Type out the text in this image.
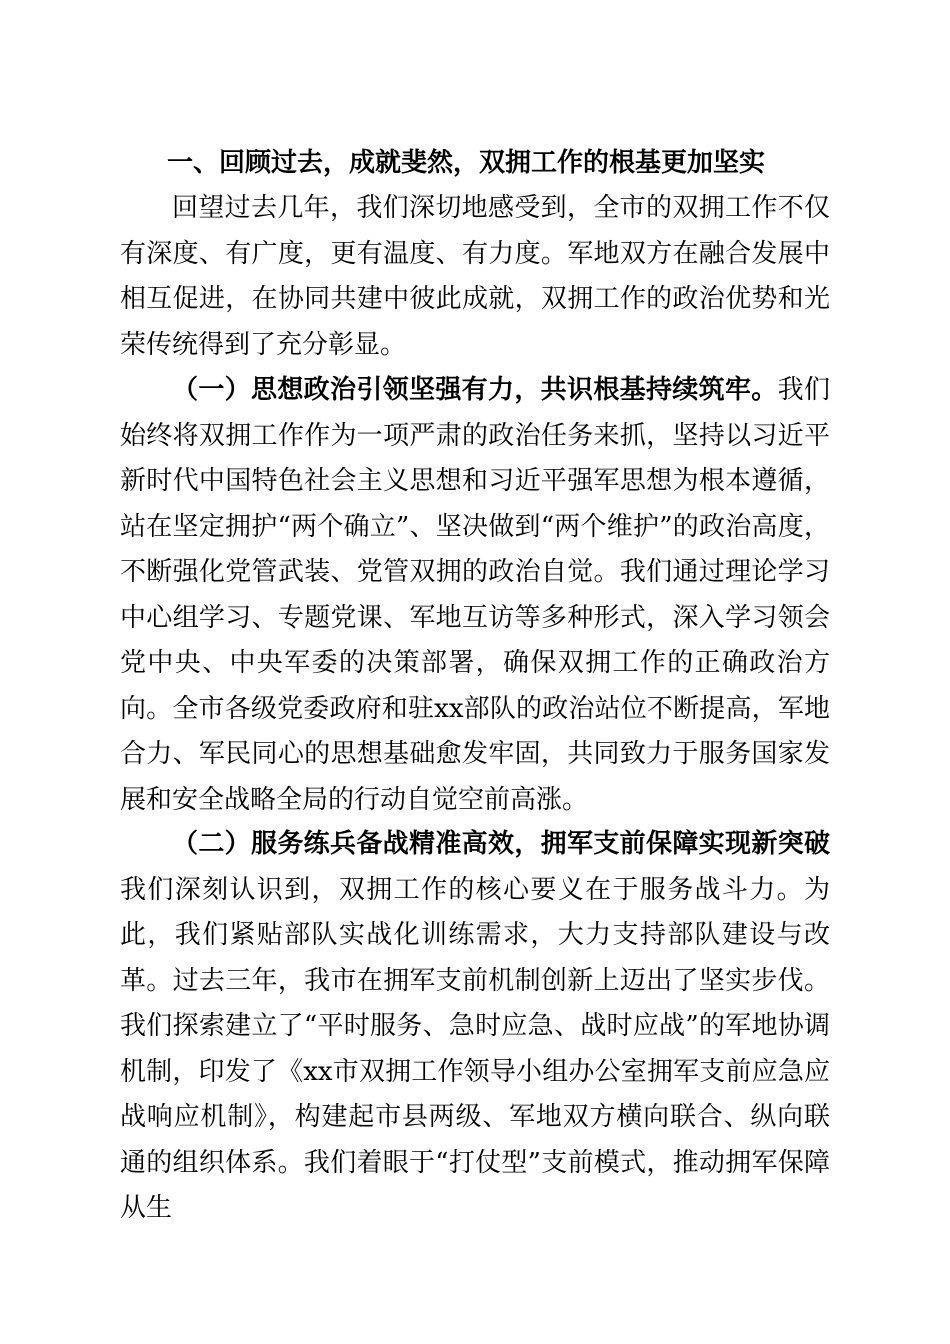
一、回顾过去，成就斐然，双拥工作的根基更加坚实

回望过去几年，我们深切地感受到，全市的双拥工作不仅有深度、有广度，更有温度、有力度。军地双方在融合发展中相互促进，在协同共建中彼此成就，双拥工作的政治优势和光荣传统得到了充分彰显。

（一）思想政治引领坚强有力，共识根基持续筑牢。我们始终将双拥工作作为一项严肃的政治任务来抓，坚持以习近平新时代中国特色社会主义思想和习近平强军思想为根本遵循，站在坚定拥护“两个确立”、坚决做到“两个维护”的政治高度，不断强化党管武装、党管双拥的政治自觉。我们通过理论学习中心组学习、专题党课、军地互访等多种形式，深入学习领会党中央、中央军委的决策部署，确保双拥工作的正确政治方向。全市各级党委政府和驻xx部队的政治站位不断提高，军地合力、军民同心的思想基础愈发牢固，共同致力于服务国家发展和安全战略全局的行动自觉空前高涨。

（二）服务练兵备战精准高效，拥军支前保障实现新突破我们深刻认识到，双拥工作的核心要义在于服务战斗力。为此，我们紧贴部队实战化训练需求，大力支持部队建设与改革。过去三年，我市在拥军支前机制创新上迈出了坚实步伐。我们探索建立了“平时服务、急时应急、战时应战”的军地协调机制，印发了《xx市双拥工作领导小组办公室拥军支前应急应战响应机制》，构建起市县两级、军地双方横向联合、纵向联通的组织体系。我们着眼于“打仗型”支前模式，推动拥军保障从生
